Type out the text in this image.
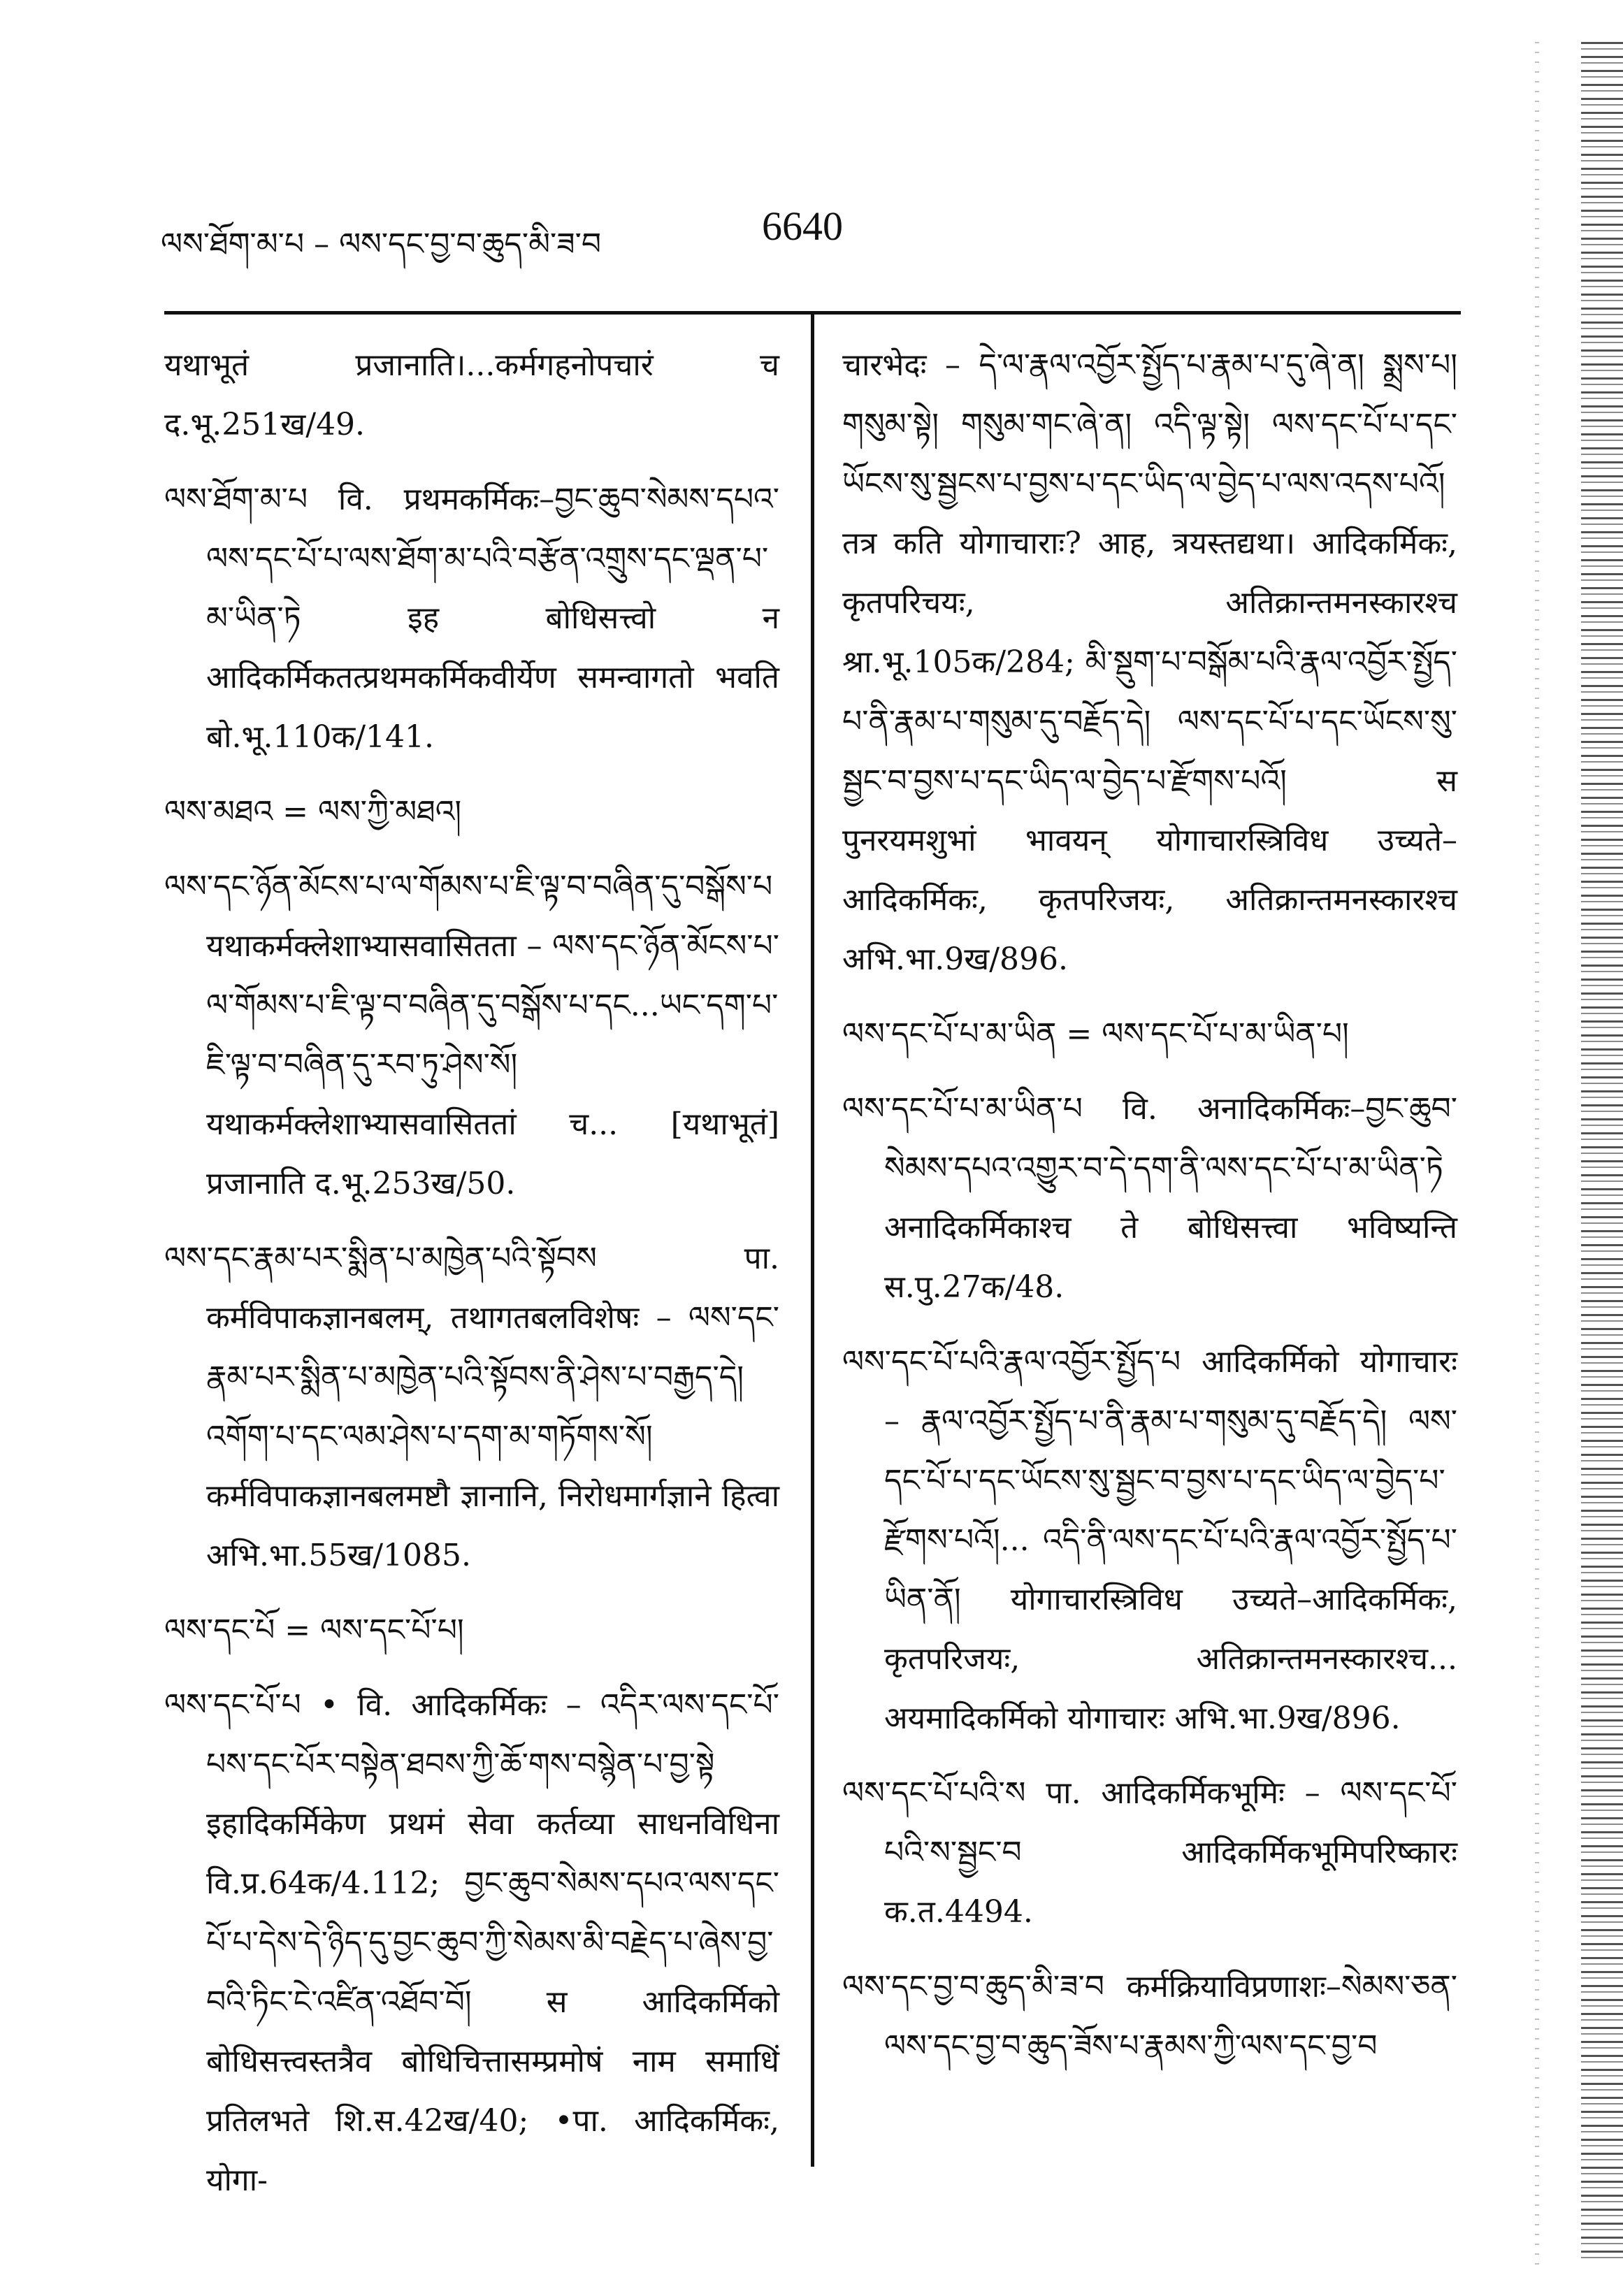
ལས་ཐོག་མ་པ – ལས་དང་བྱ་བ་ཆུད་མི་ཟ་བ	6640

यथाभूतं प्रजानाति।...कर्मगहनोपचारं च द.भू.251ख/49.

ལས་ཐོག་མ་པ वि. प्रथमकर्मिकः–བྱང་ཆུབ་སེམས་དཔའ་ལས་དང་པོ་པ་ལས་ཐོག་མ་པའི་བརྩོན་འགྲུས་དང་ལྡན་པ་མ་ཡིན་ཏེ इह बोधिसत्त्वो न आदिकर्मिकतत्प्रथमकर्मिकवीर्येण समन्वागतो भवति बो.भू.110क/141.

ལས་མཐའ = ལས་ཀྱི་མཐའ།

ལས་དང་ཉོན་མོངས་པ་ལ་གོམས་པ་ཇི་ལྟ་བ་བཞིན་དུ་བསྒོས་པ यथाकर्मक्लेशाभ्यासवासितता – ལས་དང་ཉོན་མོངས་པ་ལ་གོམས་པ་ཇི་ལྟ་བ་བཞིན་དུ་བསྒོས་པ་དང...ཡང་དག་པ་ཇི་ལྟ་བ་བཞིན་དུ་རབ་ཏུ་ཤེས་སོ། यथाकर्मक्लेशाभ्यासवासिततां च... [यथाभूतं] प्रजानाति द.भू.253ख/50.

ལས་དང་རྣམ་པར་སྨིན་པ་མཁྱེན་པའི་སྟོབས पा. कर्मविपाकज्ञानबलम्, तथागतबलविशेषः – ལས་དང་རྣམ་པར་སྨིན་པ་མཁྱེན་པའི་སྟོབས་ནི་ཤེས་པ་བརྒྱད་དེ། འགོག་པ་དང་ལམ་ཤེས་པ་དག་མ་གཏོགས་སོ། कर्मविपाकज्ञानबलमष्टौ ज्ञानानि, निरोधमार्गज्ञाने हित्वा अभि.भा.55ख/1085.

ལས་དང་པོ = ལས་དང་པོ་པ།

ལས་དང་པོ་པ • वि. आदिकर्मिकः – འདིར་ལས་དང་པོ་པས་དང་པོར་བསྟེན་ཐབས་ཀྱི་ཆོ་གས་བསྙེན་པ་བྱ་སྟེ इहादिकर्मिकेण प्रथमं सेवा कर्तव्या साधनविधिना वि.प्र.64क/4.112; བྱང་ཆུབ་སེམས་དཔའ་ལས་དང་པོ་པ་དེས་དེ་ཉིད་དུ་བྱང་ཆུབ་ཀྱི་སེམས་མི་བརྗེད་པ་ཞེས་བྱ་བའི་ཏིང་ངེ་འཛིན་འཐོབ་བོ། स आदिकर्मिको बोधिसत्त्वस्तत्रैव बोधिचित्तासम्प्रमोषं नाम समाधिं प्रतिलभते शि.स.42ख/40; •पा. आदिकर्मिकः, योगा-

चारभेदः – དེ་ལ་རྣལ་འབྱོར་སྤྱོད་པ་རྣམ་པ་དུ་ཞེ་ན། སྨྲས་པ། གསུམ་སྟེ། གསུམ་གང་ཞེ་ན། འདི་ལྟ་སྟེ། ལས་དང་པོ་པ་དང་ཡོངས་སུ་སྦྱངས་པ་བྱས་པ་དང་ཡིད་ལ་བྱེད་པ་ལས་འདས་པའོ། तत्र कति योगाचाराः? आह, त्रयस्तद्यथा। आदिकर्मिकः, कृतपरिचयः, अतिक्रान्तमनस्कारश्च श्रा.भू.105क/284; མི་སྡུག་པ་བསྒོམ་པའི་རྣལ་འབྱོར་སྤྱོད་པ་ནི་རྣམ་པ་གསུམ་དུ་བརྗོད་དེ། ལས་དང་པོ་པ་དང་ཡོངས་སུ་སྦྱང་བ་བྱས་པ་དང་ཡིད་ལ་བྱེད་པ་རྫོགས་པའོ། स पुनरयमशुभां भावयन् योगाचारस्त्रिविध उच्यते–आदिकर्मिकः, कृतपरिजयः, अतिक्रान्तमनस्कारश्च अभि.भा.9ख/896.

ལས་དང་པོ་པ་མ་ཡིན = ལས་དང་པོ་པ་མ་ཡིན་པ།

ལས་དང་པོ་པ་མ་ཡིན་པ वि. अनादिकर्मिकः–བྱང་ཆུབ་སེམས་དཔའ་འགྱུར་བ་དེ་དག་ནི་ལས་དང་པོ་པ་མ་ཡིན་ཏེ अनादिकर्मिकाश्च ते बोधिसत्त्वा भविष्यन्ति स.पु.27क/48.

ལས་དང་པོ་པའི་རྣལ་འབྱོར་སྤྱོད་པ आदिकर्मिको योगाचारः – རྣལ་འབྱོར་སྤྱོད་པ་ནི་རྣམ་པ་གསུམ་དུ་བརྗོད་དེ། ལས་དང་པོ་པ་དང་ཡོངས་སུ་སྦྱང་བ་བྱས་པ་དང་ཡིད་ལ་བྱེད་པ་རྫོགས་པའོ།... འདི་ནི་ལས་དང་པོ་པའི་རྣལ་འབྱོར་སྤྱོད་པ་ཡིན་ནོ། योगाचारस्त्रिविध उच्यते–आदिकर्मिकः, कृतपरिजयः, अतिक्रान्तमनस्कारश्च... अयमादिकर्मिको योगाचारः अभि.भा.9ख/896.

ལས་དང་པོ་པའི་ས पा. आदिकर्मिकभूमिः – ལས་དང་པོ་པའི་ས་སྦྱང་བ आदिकर्मिकभूमिपरिष्कारः क.त.4494.

ལས་དང་བྱ་བ་ཆུད་མི་ཟ་བ कर्मक्रियाविप्रणाशः–སེམས་ཅན་ལས་དང་བྱ་བ་ཆུད་ཟོས་པ་རྣམས་ཀྱི་ལས་དང་བྱ་བ
